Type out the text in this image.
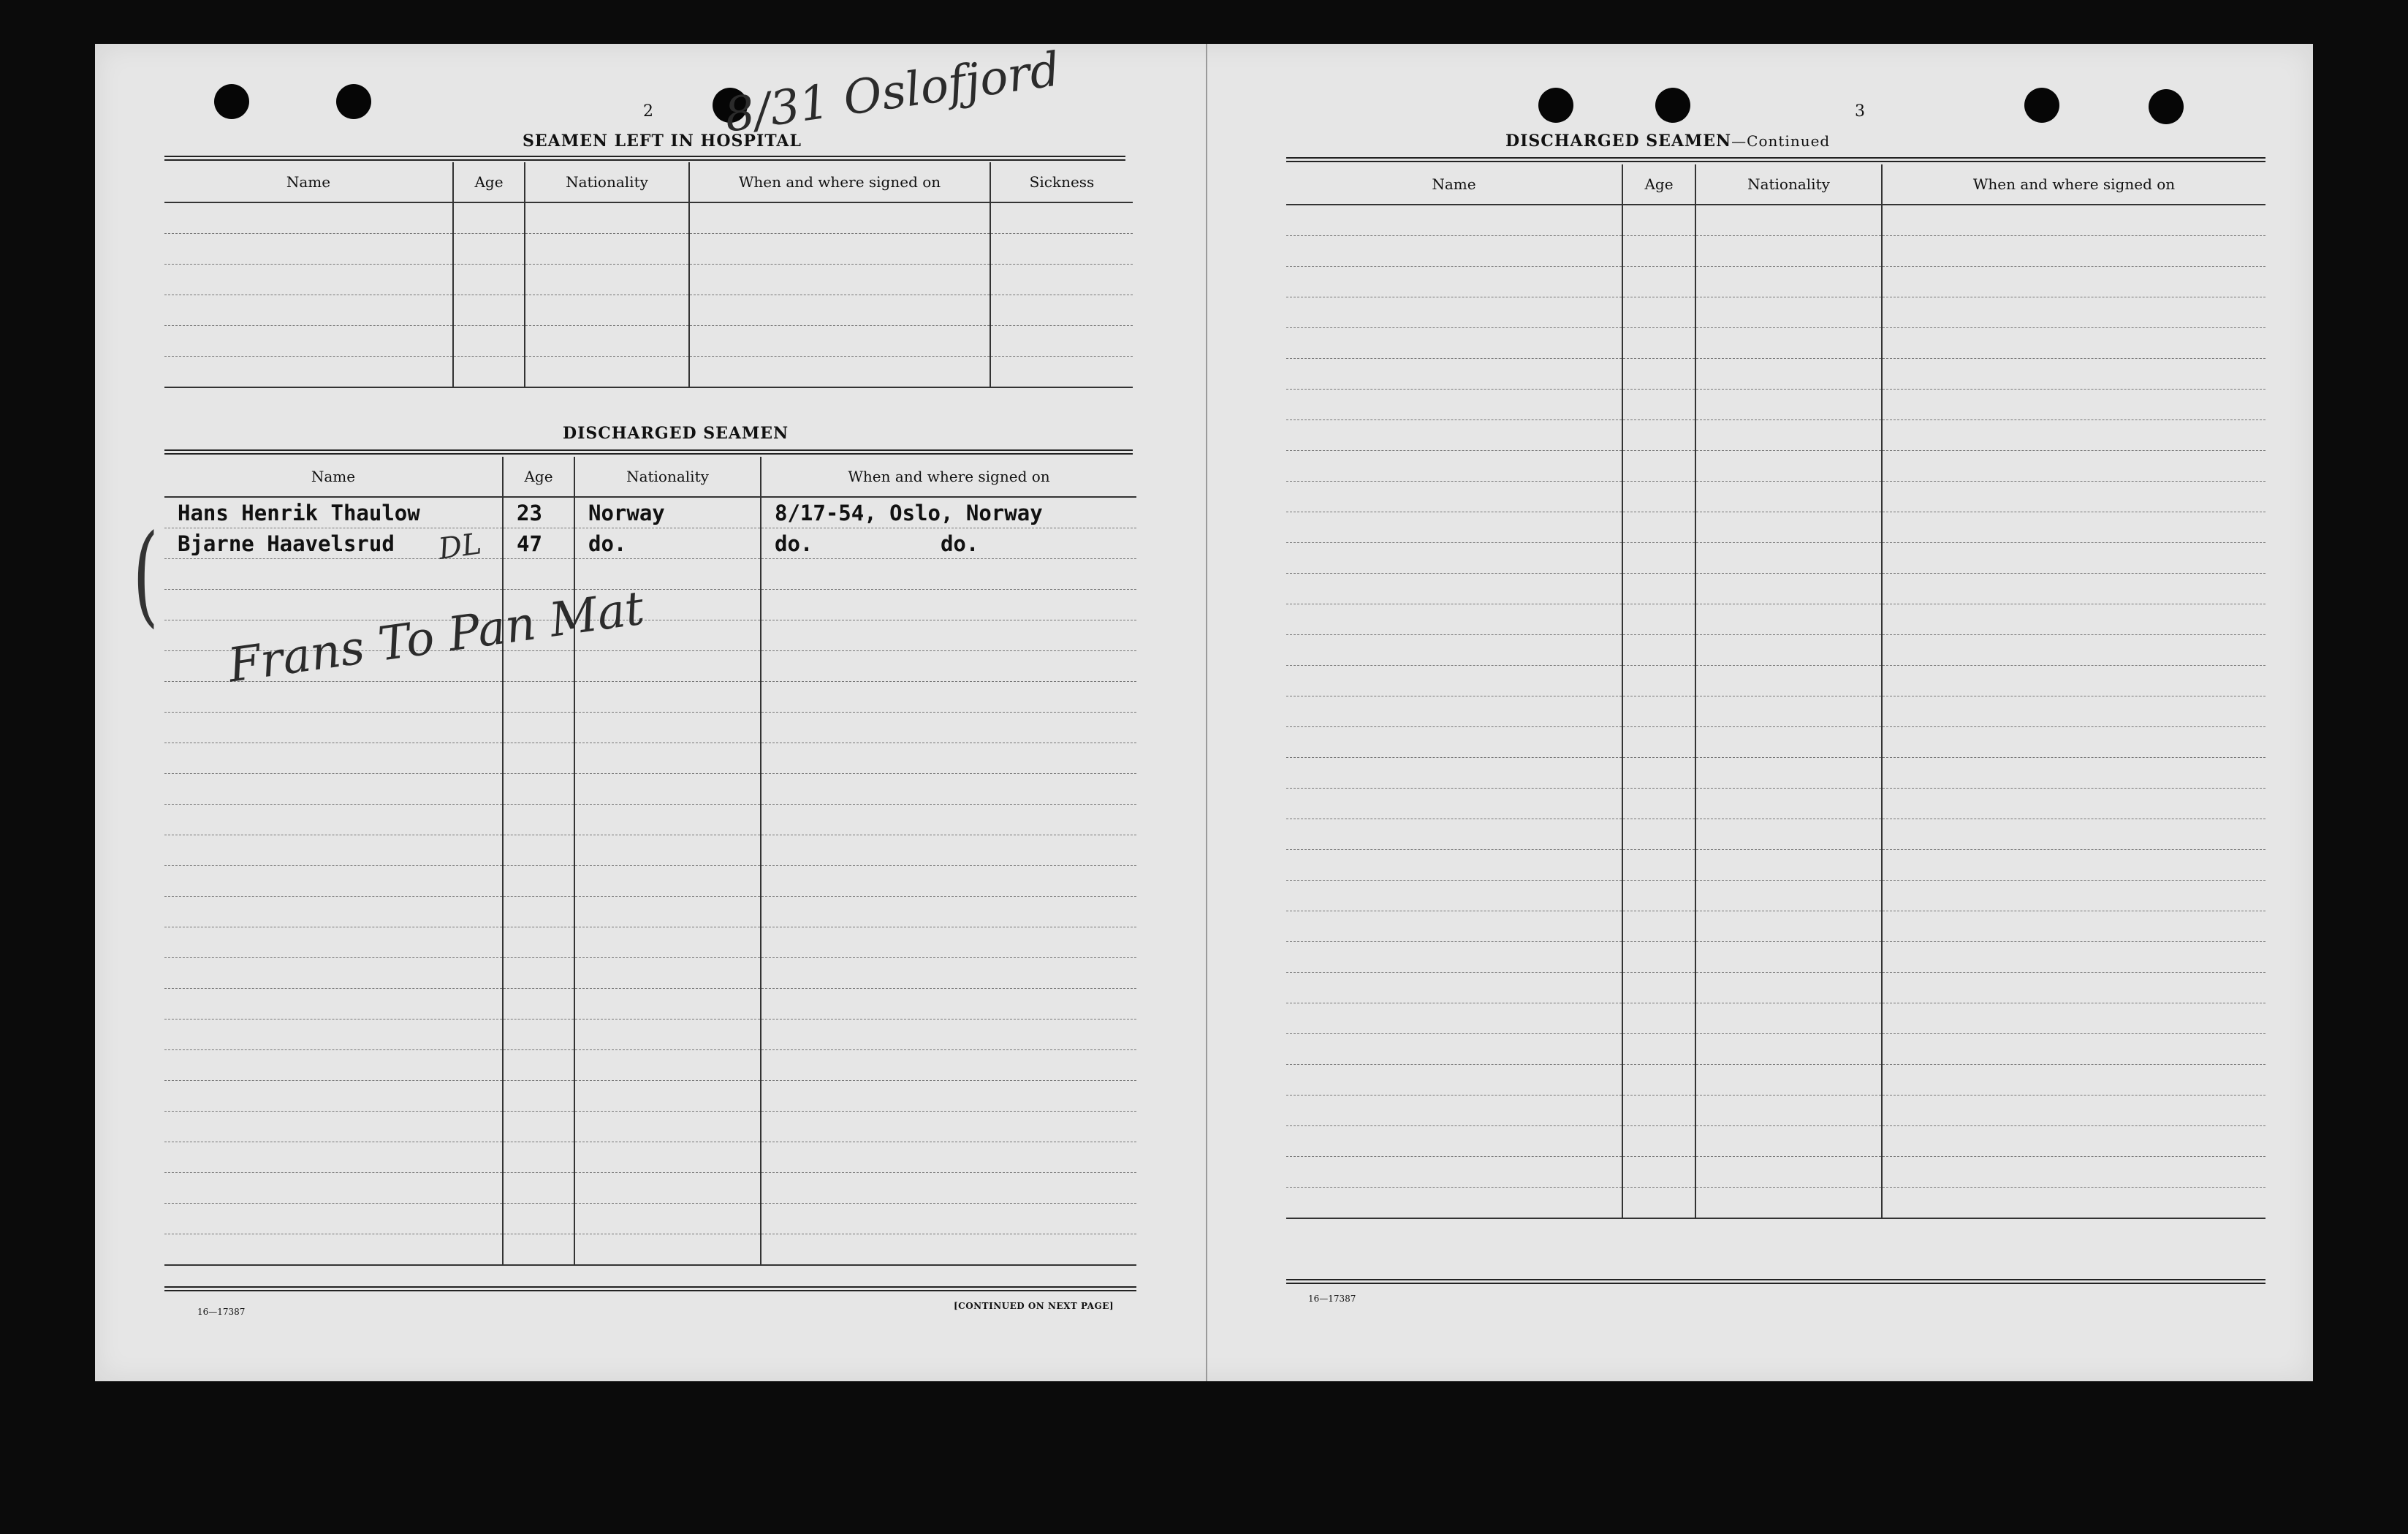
2 8/31 Oslofjord
SEAMEN LEFT IN HOSPITAL
Name	Age	Nationality	When and where signed on	Sickness

DISCHARGED SEAMEN
Name	Age	Nationality	When and where signed on
Hans Henrik Thaulow	23	Norway	8/17-54, Oslo, Norway
Bjarne Haavelsrud	47	do.	do.          do.

(	DL
Frans To Pan Mat
16—17387
[CONTINUED ON NEXT PAGE]
3
DISCHARGED SEAMEN—Continued
Name	Age	Nationality	When and where signed on

16—17387
